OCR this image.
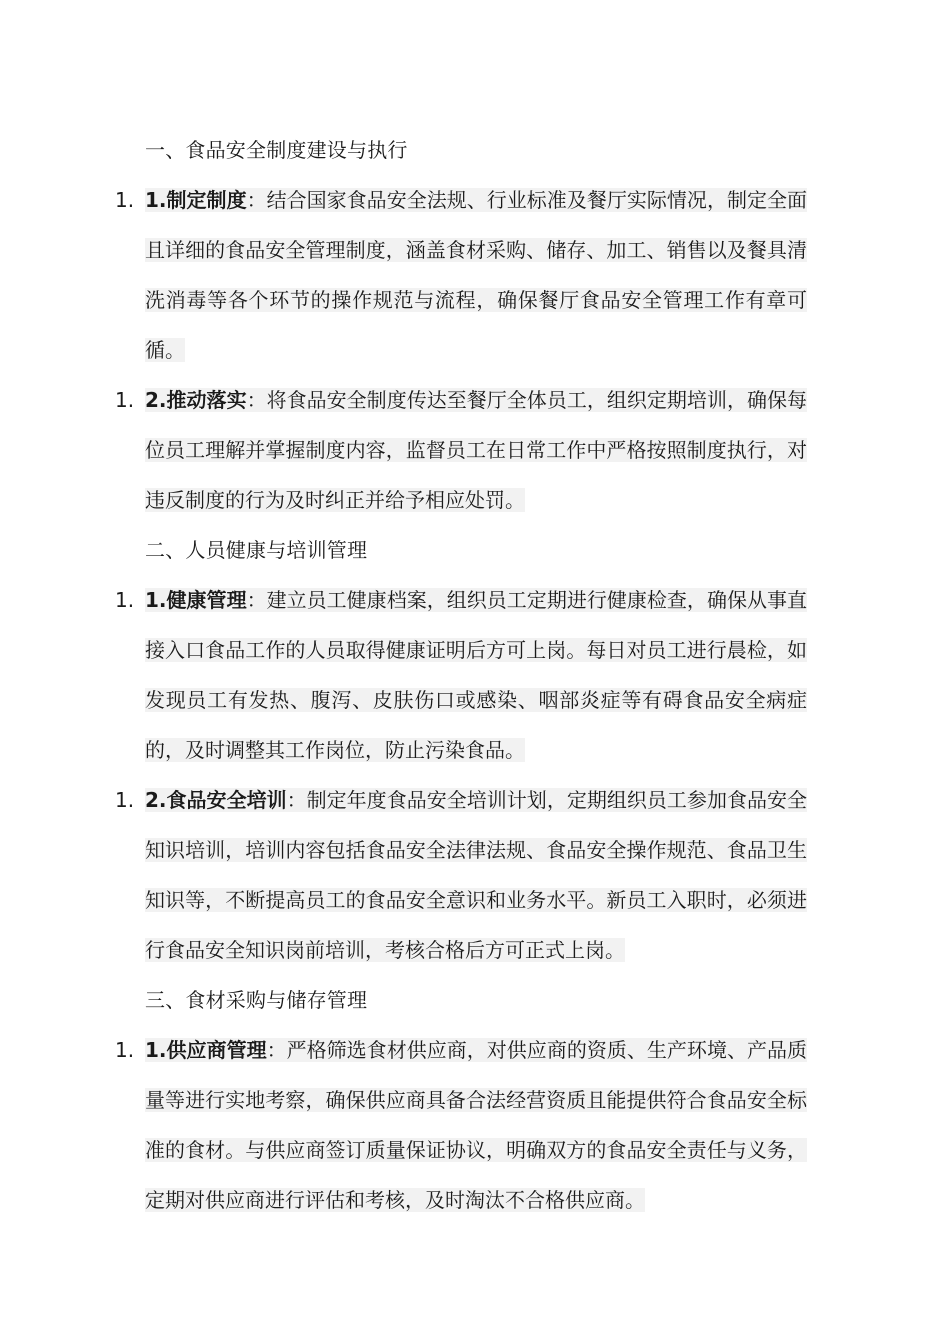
一、食品安全制度建设与执行
1. 1.制定制度：结合国家食品安全法规、行业标准及餐厅实际情况，制定全面且详细的食品安全管理制度，涵盖食材采购、储存、加工、销售以及餐具清洗消毒等各个环节的操作规范与流程，确保餐厅食品安全管理工作有章可循。
1. 2.推动落实：将食品安全制度传达至餐厅全体员工，组织定期培训，确保每位员工理解并掌握制度内容，监督员工在日常工作中严格按照制度执行，对违反制度的行为及时纠正并给予相应处罚。
二、人员健康与培训管理
1. 1.健康管理：建立员工健康档案，组织员工定期进行健康检查，确保从事直接入口食品工作的人员取得健康证明后方可上岗。每日对员工进行晨检，如发现员工有发热、腹泻、皮肤伤口或感染、咽部炎症等有碍食品安全病症的，及时调整其工作岗位，防止污染食品。
1. 2.食品安全培训：制定年度食品安全培训计划，定期组织员工参加食品安全知识培训，培训内容包括食品安全法律法规、食品安全操作规范、食品卫生知识等，不断提高员工的食品安全意识和业务水平。新员工入职时，必须进行食品安全知识岗前培训，考核合格后方可正式上岗。
三、食材采购与储存管理
1. 1.供应商管理：严格筛选食材供应商，对供应商的资质、生产环境、产品质量等进行实地考察，确保供应商具备合法经营资质且能提供符合食品安全标准的食材。与供应商签订质量保证协议，明确双方的食品安全责任与义务，定期对供应商进行评估和考核，及时淘汰不合格供应商。
